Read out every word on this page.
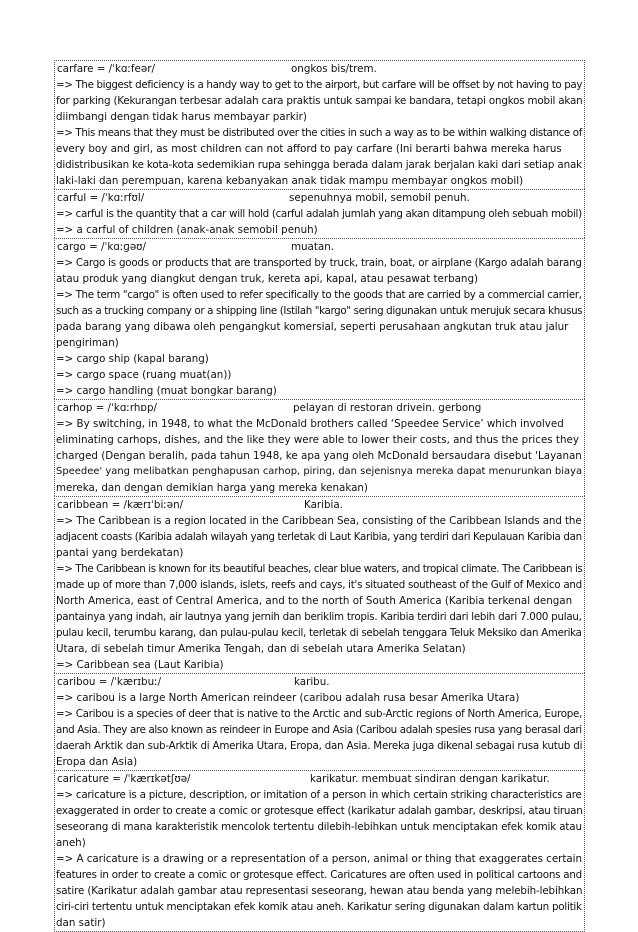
carfare = /ˈkɑːfeər/	ongkos bis/trem.
=> The biggest deficiency is a handy way to get to the airport, but carfare will be offset by not having to pay
for parking (Kekurangan terbesar adalah cara praktis untuk sampai ke bandara, tetapi ongkos mobil akan
diimbangi dengan tidak harus membayar parkir)
=> This means that they must be distributed over the cities in such a way as to be within walking distance of
every boy and girl, as most children can not afford to pay carfare (Ini berarti bahwa mereka harus
didistribusikan ke kota-kota sedemikian rupa sehingga berada dalam jarak berjalan kaki dari setiap anak
laki-laki dan perempuan, karena kebanyakan anak tidak mampu membayar ongkos mobil)
carful = /ˈkɑːrfʊl/	sepenuhnya mobil, semobil penuh.
=> carful is the quantity that a car will hold (carful adalah jumlah yang akan ditampung oleh sebuah mobil)
=> a carful of children (anak-anak semobil penuh)
cargo = /ˈkɑːɡəʊ/	muatan.
=> Cargo is goods or products that are transported by truck, train, boat, or airplane (Kargo adalah barang
atau produk yang diangkut dengan truk, kereta api, kapal, atau pesawat terbang)
=> The term "cargo" is often used to refer specifically to the goods that are carried by a commercial carrier,
such as a trucking company or a shipping line (Istilah "kargo" sering digunakan untuk merujuk secara khusus
pada barang yang dibawa oleh pengangkut komersial, seperti perusahaan angkutan truk atau jalur
pengiriman)
=> cargo ship (kapal barang)
=> cargo space (ruang muat(an))
=> cargo handling (muat bongkar barang)
carhop = /ˈkɑːrhɒp/	pelayan di restoran drivein. gerbong
=> By switching, in 1948, to what the McDonald brothers called ‘Speedee Service’ which involved
eliminating carhops, dishes, and the like they were able to lower their costs, and thus the prices they
charged (Dengan beralih, pada tahun 1948, ke apa yang oleh McDonald bersaudara disebut 'Layanan
Speedee' yang melibatkan penghapusan carhop, piring, dan sejenisnya mereka dapat menurunkan biaya
mereka, dan dengan demikian harga yang mereka kenakan)
caribbean = /kærɪˈbiːən/	Karibia.
=> The Caribbean is a region located in the Caribbean Sea, consisting of the Caribbean Islands and the
adjacent coasts (Karibia adalah wilayah yang terletak di Laut Karibia, yang terdiri dari Kepulauan Karibia dan
pantai yang berdekatan)
=> The Caribbean is known for its beautiful beaches, clear blue waters, and tropical climate. The Caribbean is
made up of more than 7,000 islands, islets, reefs and cays, it's situated southeast of the Gulf of Mexico and
North America, east of Central America, and to the north of South America (Karibia terkenal dengan
pantainya yang indah, air lautnya yang jernih dan beriklim tropis. Karibia terdiri dari lebih dari 7.000 pulau,
pulau kecil, terumbu karang, dan pulau-pulau kecil, terletak di sebelah tenggara Teluk Meksiko dan Amerika
Utara, di sebelah timur Amerika Tengah, dan di sebelah utara Amerika Selatan)
=> Caribbean sea (Laut Karibia)
caribou = /ˈkærɪbuː/	karibu.
=> caribou is a large North American reindeer (caribou adalah rusa besar Amerika Utara)
=> Caribou is a species of deer that is native to the Arctic and sub-Arctic regions of North America, Europe,
and Asia. They are also known as reindeer in Europe and Asia (Caribou adalah spesies rusa yang berasal dari
daerah Arktik dan sub-Arktik di Amerika Utara, Eropa, dan Asia. Mereka juga dikenal sebagai rusa kutub di
Eropa dan Asia)
caricature = /ˈkærɪkətʃʊə/	karikatur. membuat sindiran dengan karikatur.
=> caricature is a picture, description, or imitation of a person in which certain striking characteristics are
exaggerated in order to create a comic or grotesque effect (karikatur adalah gambar, deskripsi, atau tiruan
seseorang di mana karakteristik mencolok tertentu dilebih-lebihkan untuk menciptakan efek komik atau
aneh)
=> A caricature is a drawing or a representation of a person, animal or thing that exaggerates certain
features in order to create a comic or grotesque effect. Caricatures are often used in political cartoons and
satire (Karikatur adalah gambar atau representasi seseorang, hewan atau benda yang melebih-lebihkan
ciri-ciri tertentu untuk menciptakan efek komik atau aneh. Karikatur sering digunakan dalam kartun politik
dan satir)
